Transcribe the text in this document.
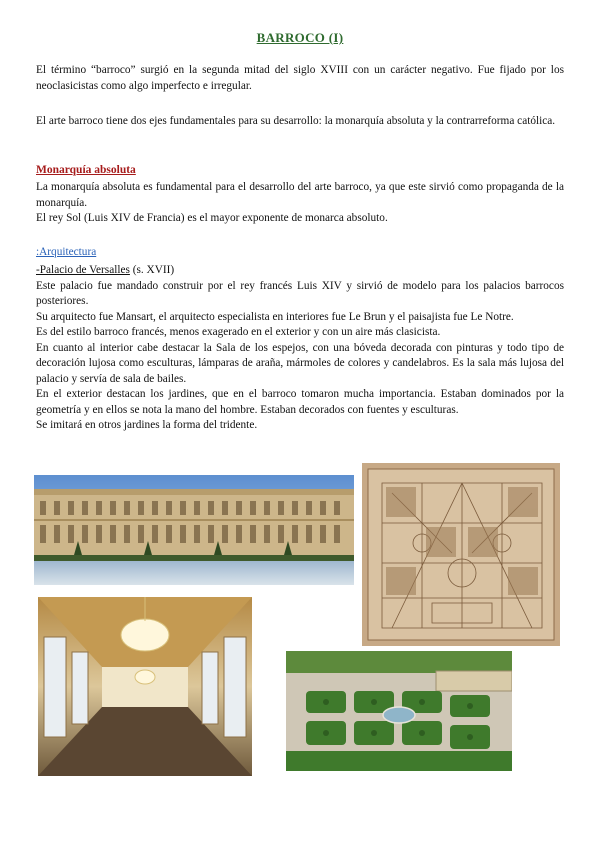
BARROCO (I)

El término “barroco” surgió en la segunda mitad del siglo XVIII con un carácter negativo. Fue fijado por los neoclasicistas como algo imperfecto e irregular.

El arte barroco tiene dos ejes fundamentales para su desarrollo: la monarquía absoluta y la contrarreforma católica.

Monarquía absoluta

La monarquía absoluta es fundamental para el desarrollo del arte barroco, ya que este sirvió como propaganda de la monarquía.

El rey Sol (Luis XIV de Francia) es el mayor exponente de monarca absoluto.

:Arquitectura

-Palacio de Versalles (s. XVII)

Este palacio fue mandado construir por el rey francés Luis XIV y sirvió de modelo para los palacios barrocos posteriores.

Su arquitecto fue Mansart, el arquitecto especialista en interiores fue Le Brun y el paisajista fue Le Notre.

Es del estilo barroco francés, menos exagerado en el exterior y con un aire más clasicista.

En cuanto al interior cabe destacar la Sala de los espejos, con una bóveda decorada con pinturas y todo tipo de decoración lujosa como esculturas, lámparas de araña, mármoles de colores y candelabros. Es la sala más lujosa del palacio y servía de sala de bailes.

En el exterior destacan los jardines, que en el barroco tomaron mucha importancia. Estaban dominados por la geometría y en ellos se nota la mano del hombre. Estaban decorados con fuentes y esculturas.

Se imitará en otros jardines la forma del tridente.
